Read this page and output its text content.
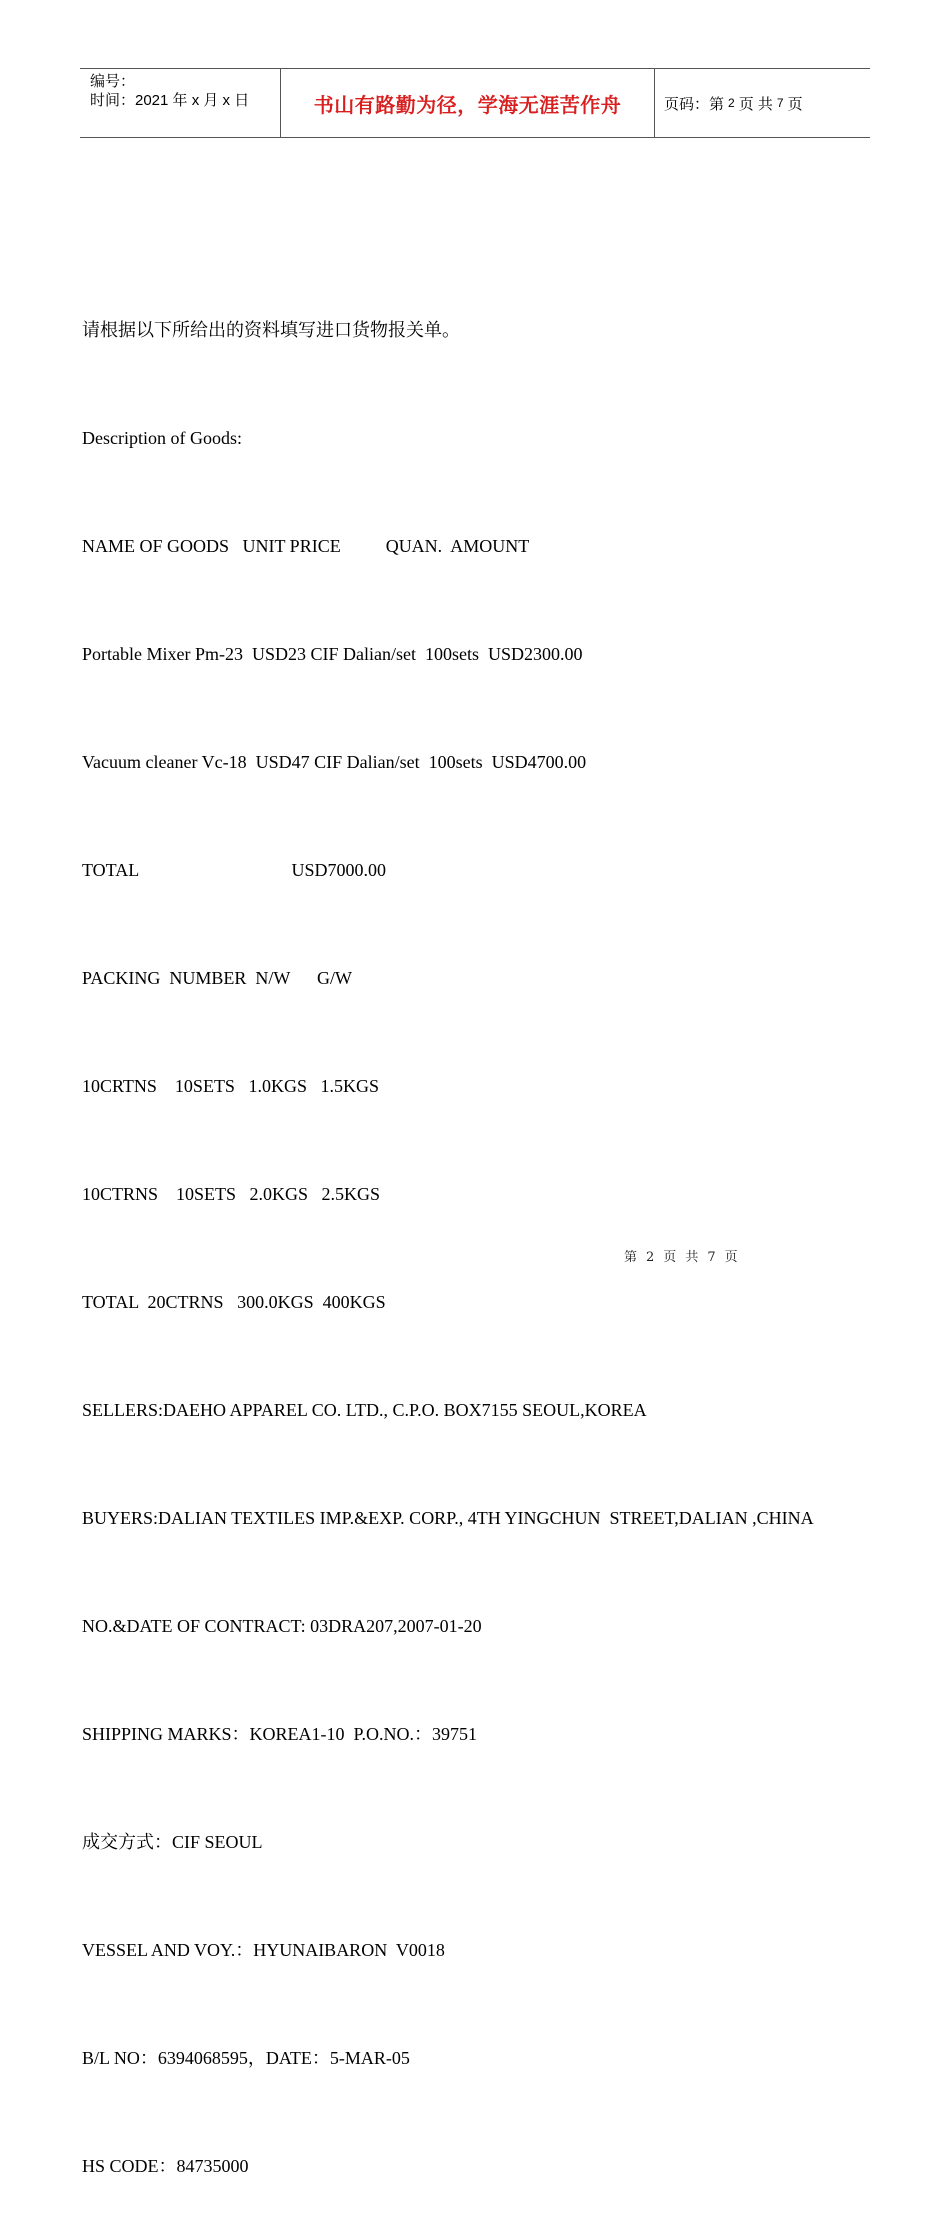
编号：
时间：2021 年 x 月 x 日	书山有路勤为径，学海无涯苦作舟	页码：第 2 页 共 7 页

请根据以下所给出的资料填写进口货物报关单。

Description of Goods:

NAME OF GOODS   UNIT PRICE          QUAN.  AMOUNT

Portable Mixer Pm-23  USD23 CIF Dalian/set  100sets  USD2300.00

Vacuum cleaner Vc-18  USD47 CIF Dalian/set  100sets  USD4700.00

TOTAL                                  USD7000.00

PACKING  NUMBER  N/W      G/W

10CRTNS    10SETS   1.0KGS   1.5KGS

10CTRNS    10SETS   2.0KGS   2.5KGS

TOTAL  20CTRNS   300.0KGS  400KGS

SELLERS:DAEHO APPAREL CO. LTD., C.P.O. BOX7155 SEOUL,KOREA

BUYERS:DALIAN TEXTILES IMP.&EXP. CORP., 4TH YINGCHUN  STREET,DALIAN ,CHINA

NO.&DATE OF CONTRACT: 03DRA207,2007-01-20

SHIPPING MARKS：KOREA1-10  P.O.NO.：39751

成交方式：CIF SEOUL

VESSEL AND VOY.：HYUNAIBARON  V0018

B/L NO：6394068595，DATE：5-MAR-05

HS CODE：84735000

第 2 页 共 7 页
